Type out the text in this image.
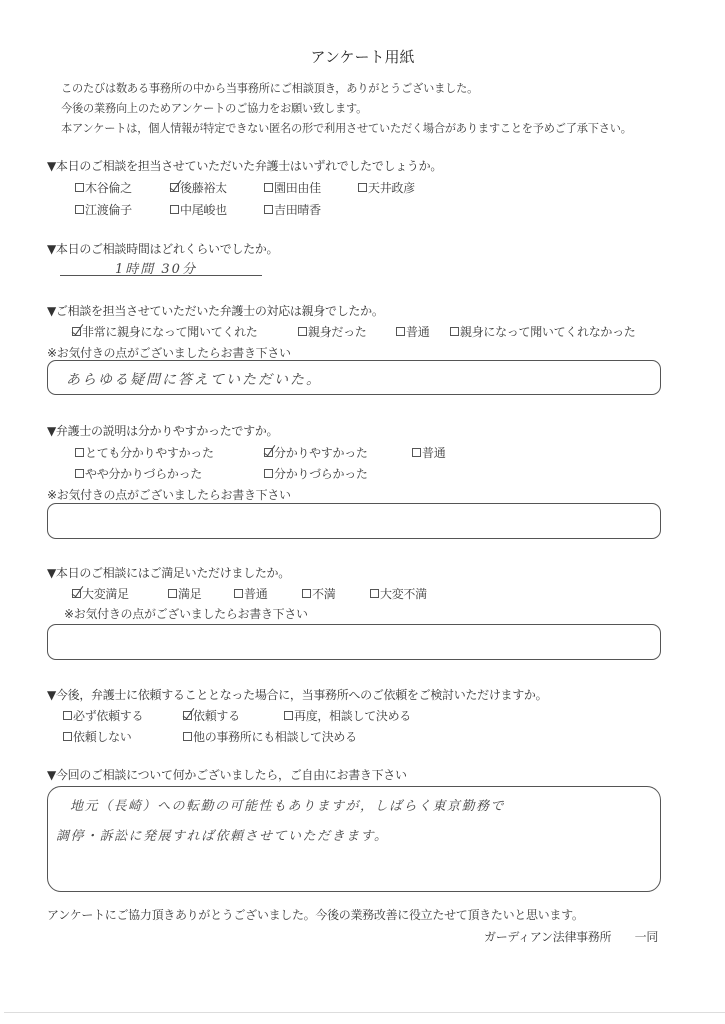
アンケート用紙
このたびは数ある事務所の中から当事務所にご相談頂き，ありがとうございました。
今後の業務向上のためアンケートのご協力をお願い致します。
本アンケートは，個人情報が特定できない匿名の形で利用させていただく場合がありますことを予めご了承下さい。
▼本日のご相談を担当させていただいた弁護士はいずれでしたでしょうか。
木谷倫之	後藤裕太	園田由佳	天井政彦
江渡倫子	中尾峻也	吉田晴香
▼本日のご相談時間はどれくらいでしたか。
1時間 30分
▼ご相談を担当させていただいた弁護士の対応は親身でしたか。
非常に親身になって聞いてくれた	親身だった	普通	親身になって聞いてくれなかった
※お気付きの点がございましたらお書き下さい
あらゆる疑問に答えていただいた。
▼弁護士の説明は分かりやすかったですか。
とても分かりやすかった	分かりやすかった	普通
やや分かりづらかった	分かりづらかった
※お気付きの点がございましたらお書き下さい
▼本日のご相談にはご満足いただけましたか。
大変満足	満足	普通	不満	大変不満
※お気付きの点がございましたらお書き下さい
▼今後，弁護士に依頼することとなった場合に，当事務所へのご依頼をご検討いただけますか。
必ず依頼する	依頼する	再度，相談して決める
依頼しない	他の事務所にも相談して決める
▼今回のご相談について何かございましたら，ご自由にお書き下さい
地元（長崎）への転勤の可能性もありますが，しばらく東京勤務で
調停・訴訟に発展すれば依頼させていただきます。
アンケートにご協力頂きありがとうございました。今後の業務改善に役立たせて頂きたいと思います。
ガーディアン法律事務所　　一同
